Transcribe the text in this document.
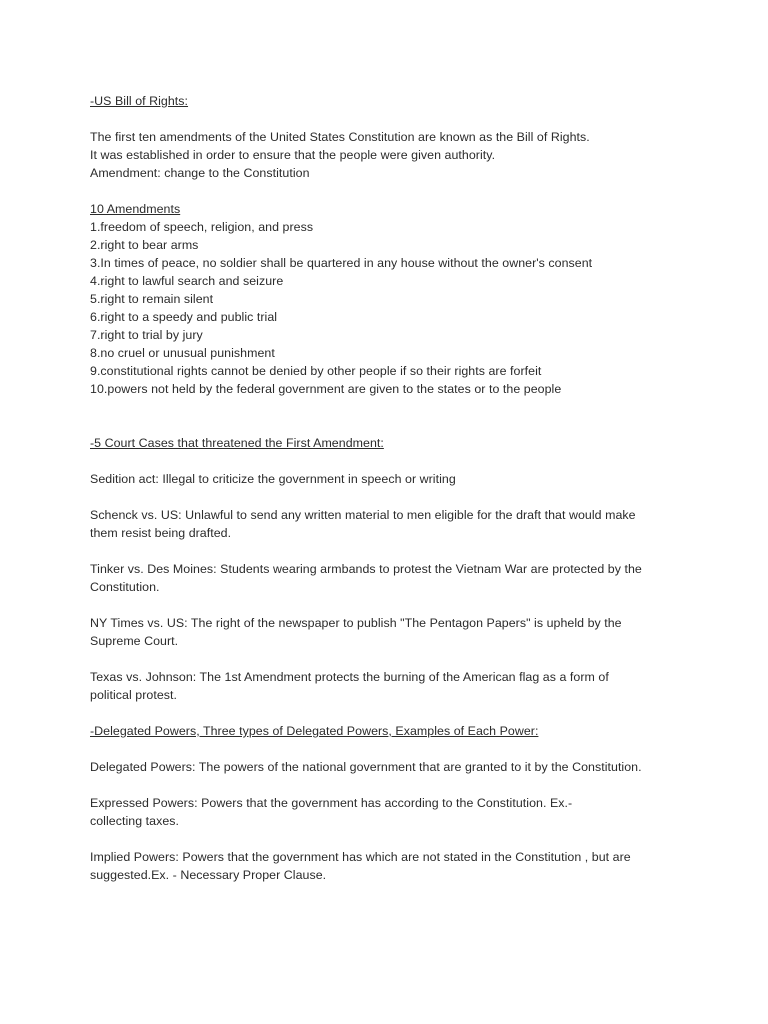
-US Bill of Rights:
The first ten amendments of the United States Constitution are known as the Bill of Rights.
It was established in order to ensure that the people were given authority.
Amendment: change to the Constitution
10 Amendments
1.freedom of speech, religion, and press
2.right to bear arms
3.In times of peace, no soldier shall be quartered in any house without the owner's consent
4.right to lawful search and seizure
5.right to remain silent
6.right to a speedy and public trial
7.right to trial by jury
8.no cruel or unusual punishment
9.constitutional rights cannot be denied by other people if so their rights are forfeit
10.powers not held by the federal government are given to the states or to the people
-5 Court Cases that threatened the First Amendment:
Sedition act: Illegal to criticize the government in speech or writing
Schenck vs. US: Unlawful to send any written material to men eligible for the draft that would make
them resist being drafted.
Tinker vs. Des Moines: Students wearing armbands to protest the Vietnam War are protected by the
Constitution.
NY Times vs. US: The right of the newspaper to publish "The Pentagon Papers" is upheld by the
Supreme Court.
Texas vs. Johnson: The 1st Amendment protects the burning of the American flag as a form of
political protest.
-Delegated Powers, Three types of Delegated Powers, Examples of Each Power:
Delegated Powers: The powers of the national government that are granted to it by the Constitution.
Expressed Powers: Powers that the government has according to the Constitution. Ex.-
collecting taxes.
Implied Powers: Powers that the government has which are not stated in the Constitution , but are
suggested.Ex. - Necessary Proper Clause.
